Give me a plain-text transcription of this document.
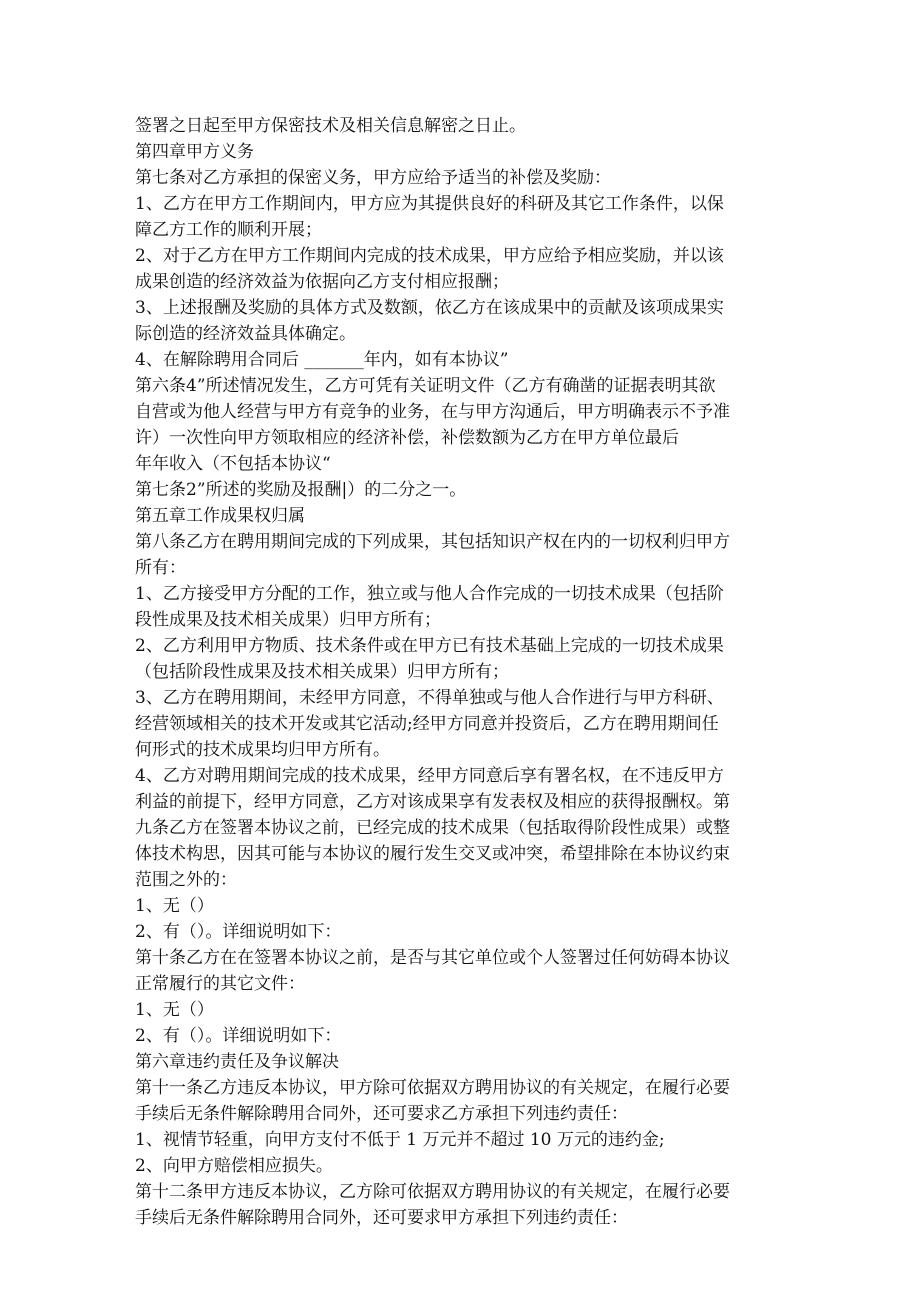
签署之日起至甲方保密技术及相关信息解密之日止。
第四章甲方义务
第七条对乙方承担的保密义务，甲方应给予适当的补偿及奖励：
1、乙方在甲方工作期间内，甲方应为其提供良好的科研及其它工作条件，以保
障乙方工作的顺利开展；
2、对于乙方在甲方工作期间内完成的技术成果，甲方应给予相应奖励，并以该
成果创造的经济效益为依据向乙方支付相应报酬；
3、上述报酬及奖励的具体方式及数额，依乙方在该成果中的贡献及该项成果实
际创造的经济效益具体确定。
4、在解除聘用合同后 _______年内，如有本协议”
第六条4”所述情况发生，乙方可凭有关证明文件（乙方有确凿的证据表明其欲
自营或为他人经营与甲方有竞争的业务，在与甲方沟通后，甲方明确表示不予准
许）一次性向甲方领取相应的经济补偿，补偿数额为乙方在甲方单位最后
年年收入（不包括本协议“
第七条2”所述的奖励及报酬|）的二分之一。
第五章工作成果权归属
第八条乙方在聘用期间完成的下列成果，其包括知识产权在内的一切权利归甲方
所有：
1、乙方接受甲方分配的工作，独立或与他人合作完成的一切技术成果（包括阶
段性成果及技术相关成果）归甲方所有；
2、乙方利用甲方物质、技术条件或在甲方已有技术基础上完成的一切技术成果
（包括阶段性成果及技术相关成果）归甲方所有；
3、乙方在聘用期间，未经甲方同意，不得单独或与他人合作进行与甲方科研、
经营领域相关的技术开发或其它活动;经甲方同意并投资后，乙方在聘用期间任
何形式的技术成果均归甲方所有。
4、乙方对聘用期间完成的技术成果，经甲方同意后享有署名权，在不违反甲方
利益的前提下，经甲方同意，乙方对该成果享有发表权及相应的获得报酬权。第
九条乙方在签署本协议之前，已经完成的技术成果（包括取得阶段性成果）或整
体技术构思，因其可能与本协议的履行发生交叉或冲突，希望排除在本协议约束
范围之外的：
1、无（）
2、有（）。详细说明如下：
第十条乙方在在签署本协议之前，是否与其它单位或个人签署过任何妨碍本协议
正常履行的其它文件：
1、无（）
2、有（）。详细说明如下：
第六章违约责任及争议解决
第十一条乙方违反本协议，甲方除可依据双方聘用协议的有关规定，在履行必要
手续后无条件解除聘用合同外，还可要求乙方承担下列违约责任：
1、视情节轻重，向甲方支付不低于 1 万元并不超过 10 万元的违约金;
2、向甲方赔偿相应损失。
第十二条甲方违反本协议，乙方除可依据双方聘用协议的有关规定，在履行必要
手续后无条件解除聘用合同外，还可要求甲方承担下列违约责任：
